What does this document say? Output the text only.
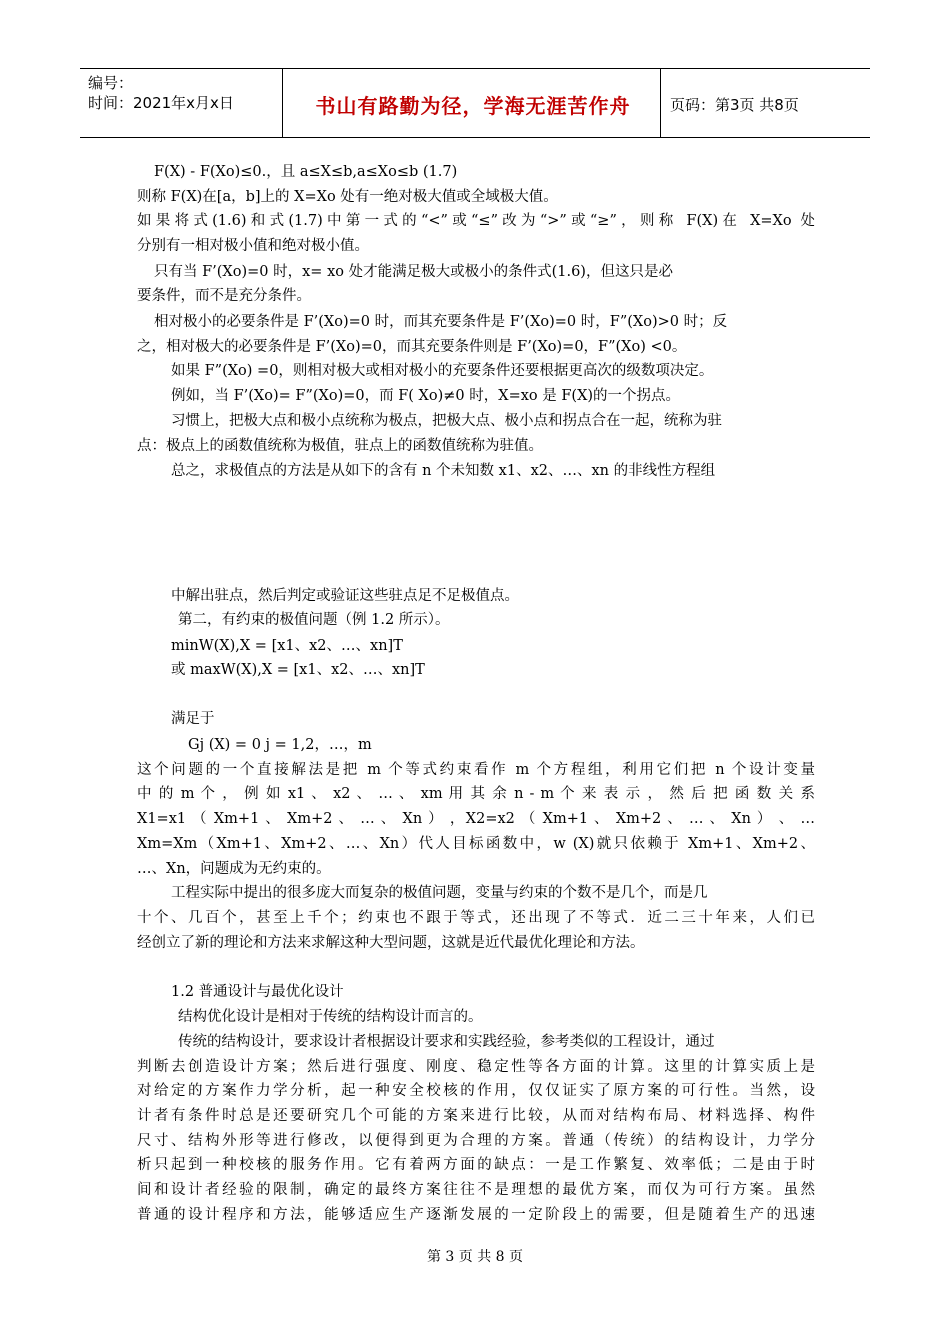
编号：
时间：2021年x月x日	书山有路勤为径，学海无涯苦作舟	页码：第3页 共8页
F(X) - F(Xo)≤0.，且 a≤X≤b,a≤Xo≤b (1.7)
则称 F(X)在[a，b]上的 X=Xo 处有一绝对极大值或全域极大值。
如果将式(1.6)和式(1.7)中第一式的“<”或“≤”改为“>”或“≥”，则称 F(X)在 X=Xo 处
分别有一相对极小值和绝对极小值。
只有当 F’(Xo)=0 时，x= xo 处才能满足极大或极小的条件式(1.6)，但这只是必
要条件，而不是充分条件。
相对极小的必要条件是 F’(Xo)=0 时，而其充要条件是 F’(Xo)=0 时，F”(Xo)>0 时；反
之，相对极大的必要条件是 F’(Xo)=0，而其充要条件则是 F’(Xo)=0，F”(Xo) <0。
如果 F”(Xo) =0，则相对极大或相对极小的充要条件还要根据更高次的级数项决定。
例如，当 F’(Xo)= F”(Xo)=0，而 F( Xo)≠0 时，X=xo 是 F(X)的一个拐点。
习惯上，把极大点和极小点统称为极点，把极大点、极小点和拐点合在一起，统称为驻
点：极点上的函数值统称为极值，驻点上的函数值统称为驻值。
总之，求极值点的方法是从如下的含有 n 个未知数 x1、x2、…、xn 的非线性方程组
中解出驻点，然后判定或验证这些驻点足不足极值点。
第二，有约束的极值问题（例 1.2 所示）。
minW(X),X = [x1、x2、…、xn]T
或 maxW(X),X = [x1、x2、…、xn]T
满足于
Gj (X) = 0 j = 1,2，…，m
这个问题的一个直接解法是把 m 个等式约束看作 m 个方程组，利用它们把 n 个设计变量
中 的 m 个 ， 例 如 x1 、 x2 、 … 、 xm 用 其 余 n - m 个 来 表 示 ， 然 后 把 函 数 关 系
X1=x1 （ Xm+1 、 Xm+2 、 … 、 Xn ） ，X2=x2 （ Xm+1 、 Xm+2 、 … 、 Xn ） 、 …
Xm=Xm（Xm+1、Xm+2、…、Xn）代人目标函数中，w (X)就只依赖于 Xm+1、Xm+2、
…、Xn，问题成为无约束的。
工程实际中提出的很多庞大而复杂的极值问题，变量与约束的个数不是几个，而是几
十个、几百个，甚至上千个；约束也不跟于等式，还出现了不等式．近二三十年来，人们已
经创立了新的理论和方法来求解这种大型问题，这就是近代最优化理论和方法。
1.2 普通设计与最优化设计
结构优化设计是相对于传统的结构设计而言的。
传统的结构设计，要求设计者根据设计要求和实践经验，参考类似的工程设计，通过
判断去创造设计方案；然后进行强度、刚度、稳定性等各方面的计算。这里的计算实质上是
对给定的方案作力学分析，起一种安全校核的作用，仅仅证实了原方案的可行性。当然，设
计者有条件时总是还要研究几个可能的方案来进行比较，从而对结构布局、材料选择、构件
尺寸、结构外形等进行修改，以便得到更为合理的方案。普通（传统）的结构设计，力学分
析只起到一种校核的服务作用。它有着两方面的缺点：一是工作繁复、效率低；二是由于时
间和设计者经验的限制，确定的最终方案往往不是理想的最优方案，而仅为可行方案。虽然
普通的设计程序和方法，能够适应生产逐渐发展的一定阶段上的需要，但是随着生产的迅速
第 3 页 共 8 页
